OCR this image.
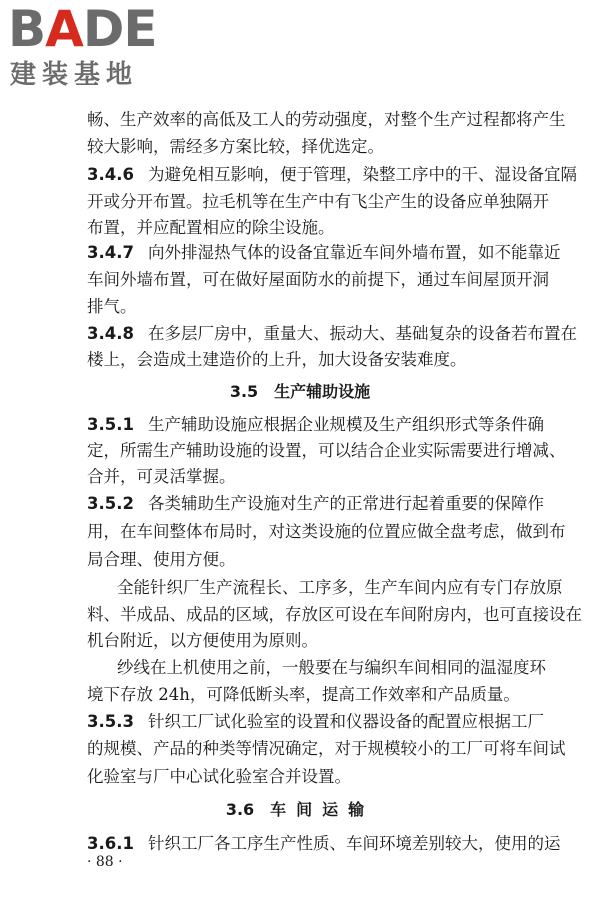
BADE
建装基地
畅、生产效率的高低及工人的劳动强度，对整个生产过程都将产生
较大影响，需经多方案比较，择优选定。
3.4.6 为避免相互影响，便于管理，染整工序中的干、湿设备宜隔
开或分开布置。拉毛机等在生产中有飞尘产生的设备应单独隔开
布置，并应配置相应的除尘设施。
3.4.7 向外排湿热气体的设备宜靠近车间外墙布置，如不能靠近
车间外墙布置，可在做好屋面防水的前提下，通过车间屋顶开洞
排气。
3.4.8 在多层厂房中，重量大、振动大、基础复杂的设备若布置在
楼上，会造成土建造价的上升，加大设备安装难度。
3.5 生产辅助设施
3.5.1 生产辅助设施应根据企业规模及生产组织形式等条件确
定，所需生产辅助设施的设置，可以结合企业实际需要进行增减、
合并，可灵活掌握。
3.5.2 各类辅助生产设施对生产的正常进行起着重要的保障作
用，在车间整体布局时，对这类设施的位置应做全盘考虑，做到布
局合理、使用方便。
全能针织厂生产流程长、工序多，生产车间内应有专门存放原
料、半成品、成品的区域，存放区可设在车间附房内，也可直接设在
机台附近，以方便使用为原则。
纱线在上机使用之前，一般要在与编织车间相同的温湿度环
境下存放 24h，可降低断头率，提高工作效率和产品质量。
3.5.3 针织工厂试化验室的设置和仪器设备的配置应根据工厂
的规模、产品的种类等情况确定，对于规模较小的工厂可将车间试
化验室与厂中心试化验室合并设置。
3.6 车间运输
3.6.1 针织工厂各工序生产性质、车间环境差别较大，使用的运
· 88 ·
